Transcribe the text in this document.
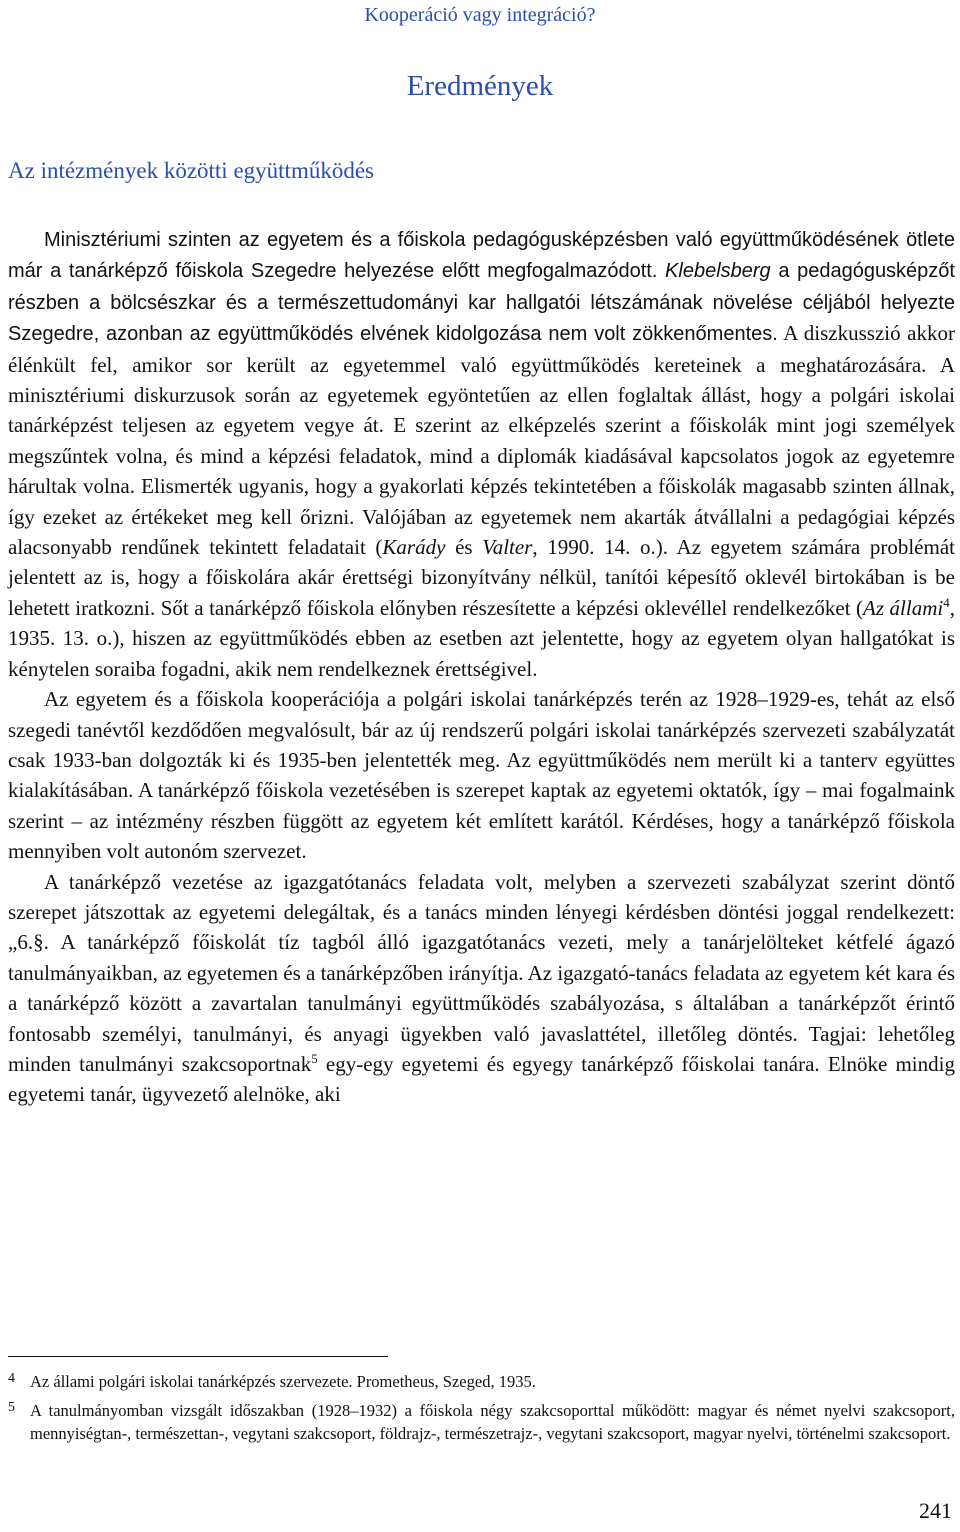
Kooperáció vagy integráció?
Eredmények
Az intézmények közötti együttműködés

Minisztériumi szinten az egyetem és a főiskola pedagógusképzésben való együttműködésének ötlete már a tanárképző főiskola Szegedre helyezése előtt megfogalmazódott. Klebelsberg a pedagógusképzőt részben a bölcsészkar és a természettudományi kar hallgatói létszámának növelése céljából helyezte Szegedre, azonban az együttműködés elvének kidolgozása nem volt zökkenőmentes. A diszkusszió akkor élénkült fel, amikor sor került az egyetemmel való együttműködés kereteinek a meghatározására. A minisztériumi diskurzusok során az egyetemek egyöntetűen az ellen foglaltak állást, hogy a polgári iskolai tanárképzést teljesen az egyetem vegye át. E szerint az elképzelés szerint a főiskolák mint jogi személyek megszűntek volna, és mind a képzési feladatok, mind a diplomák kiadásával kapcsolatos jogok az egyetemre hárultak volna. Elismerték ugyanis, hogy a gyakorlati képzés tekintetében a főiskolák magasabb szinten állnak, így ezeket az értékeket meg kell őrizni. Valójában az egyetemek nem akarták átvállalni a pedagógiai képzés alacsonyabb rendűnek tekintett feladatait (Karády és Valter, 1990. 14. o.). Az egyetem számára problémát jelentett az is, hogy a főiskolára akár érettségi bizonyítvány nélkül, tanítói képesítő oklevél birtokában is be lehetett iratkozni. Sőt a tanárképző főiskola előnyben részesítette a képzési oklevéllel rendelkezőket (Az állami$^4$, 1935. 13. o.), hiszen az együttműködés ebben az esetben azt jelentette, hogy az egyetem olyan hallgatókat is kénytelen soraiba fogadni, akik nem rendelkeznek érettségivel.

Az egyetem és a főiskola kooperációja a polgári iskolai tanárképzés terén az 1928–1929-es, tehát az első szegedi tanévtől kezdődően megvalósult, bár az új rendszerű polgári iskolai tanárképzés szervezeti szabályzatát csak 1933-ban dolgozták ki és 1935-ben jelentették meg. Az együttműködés nem merült ki a tanterv együttes kialakításában. A tanárképző főiskola vezetésében is szerepet kaptak az egyetemi oktatók, így – mai fogalmaink szerint – az intézmény részben függött az egyetem két említett karától. Kérdéses, hogy a tanárképző főiskola mennyiben volt autonóm szervezet.

A tanárképző vezetése az igazgatótanács feladata volt, melyben a szervezeti szabályzat szerint döntő szerepet játszottak az egyetemi delegáltak, és a tanács minden lényegi kérdésben döntési joggal rendelkezett: „6.§. A tanárképző főiskolát tíz tagból álló igazgatótanács vezeti, mely a tanárjelölteket kétfelé ágazó tanulmányaikban, az egyetemen és a tanárképzőben irányítja. Az igazgató-tanács feladata az egyetem két kara és a tanárképző között a zavartalan tanulmányi együttműködés szabályozása, s általában a tanárképzőt érintő fontosabb személyi, tanulmányi, és anyagi ügyekben való javaslattétel, illetőleg döntés. Tagjai: lehetőleg minden tanulmányi szakcsoportnak$^5$ egy-egy egyetemi és egyegy tanárképző főiskolai tanára. Elnöke mindig egyetemi tanár, ügyvezető alelnöke, aki

4 Az állami polgári iskolai tanárképzés szervezete. Prometheus, Szeged, 1935.
5 A tanulmányomban vizsgált időszakban (1928–1932) a főiskola négy szakcsoporttal működött: magyar és német nyelvi szakcsoport, mennyiségtan-, természettan-, vegytani szakcsoport, földrajz-, természetrajz-, vegytani szakcsoport, magyar nyelvi, történelmi szakcsoport.
241
